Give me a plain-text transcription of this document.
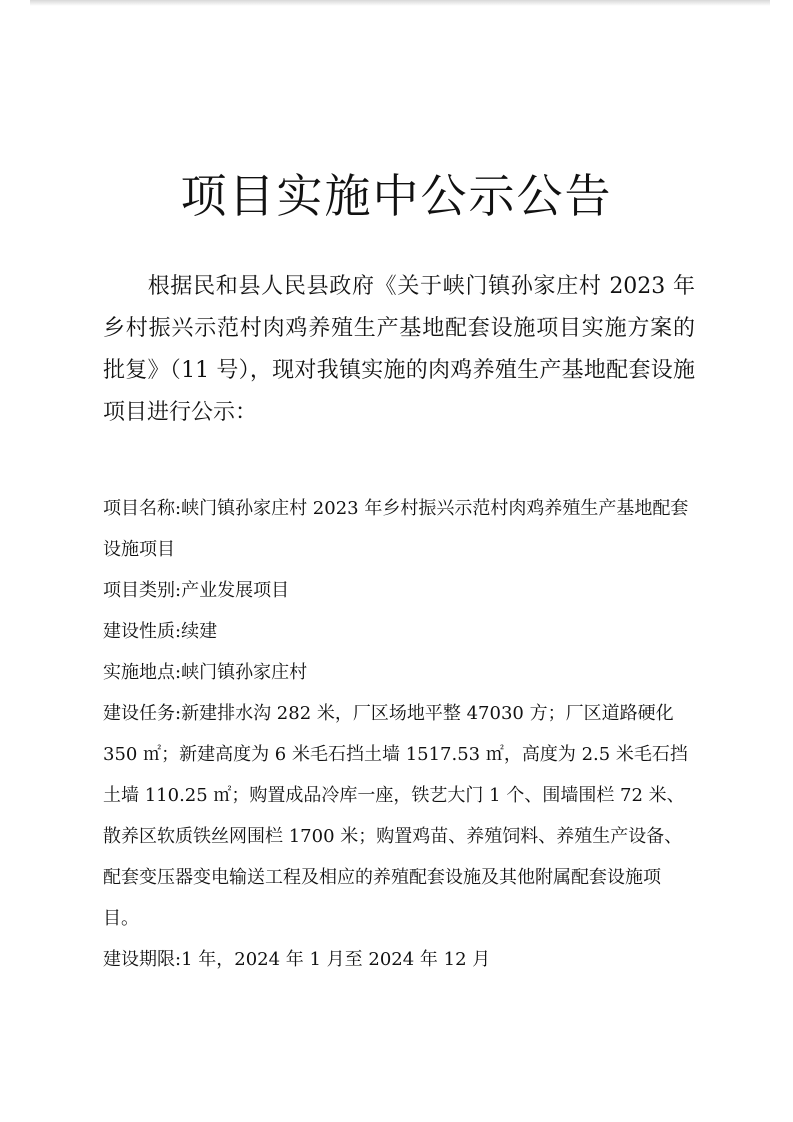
项目实施中公示公告

根据民和县人民县政府《关于峡门镇孙家庄村 2023 年乡村振兴示范村肉鸡养殖生产基地配套设施项目实施方案的批复》（11 号），现对我镇实施的肉鸡养殖生产基地配套设施项目进行公示：

项目名称:峡门镇孙家庄村 2023 年乡村振兴示范村肉鸡养殖生产基地配套设施项目

项目类别:产业发展项目

建设性质:续建

实施地点:峡门镇孙家庄村

建设任务:新建排水沟 282 米，厂区场地平整 47030 方；厂区道路硬化 350 ㎡；新建高度为 6 米毛石挡土墙 1517.53 ㎡，高度为 2.5 米毛石挡土墙 110.25 ㎡；购置成品冷库一座，铁艺大门 1 个、围墙围栏 72 米、散养区软质铁丝网围栏 1700 米；购置鸡苗、养殖饲料、养殖生产设备、配套变压器变电输送工程及相应的养殖配套设施及其他附属配套设施项目。

建设期限:1 年，2024 年 1 月至 2024 年 12 月
